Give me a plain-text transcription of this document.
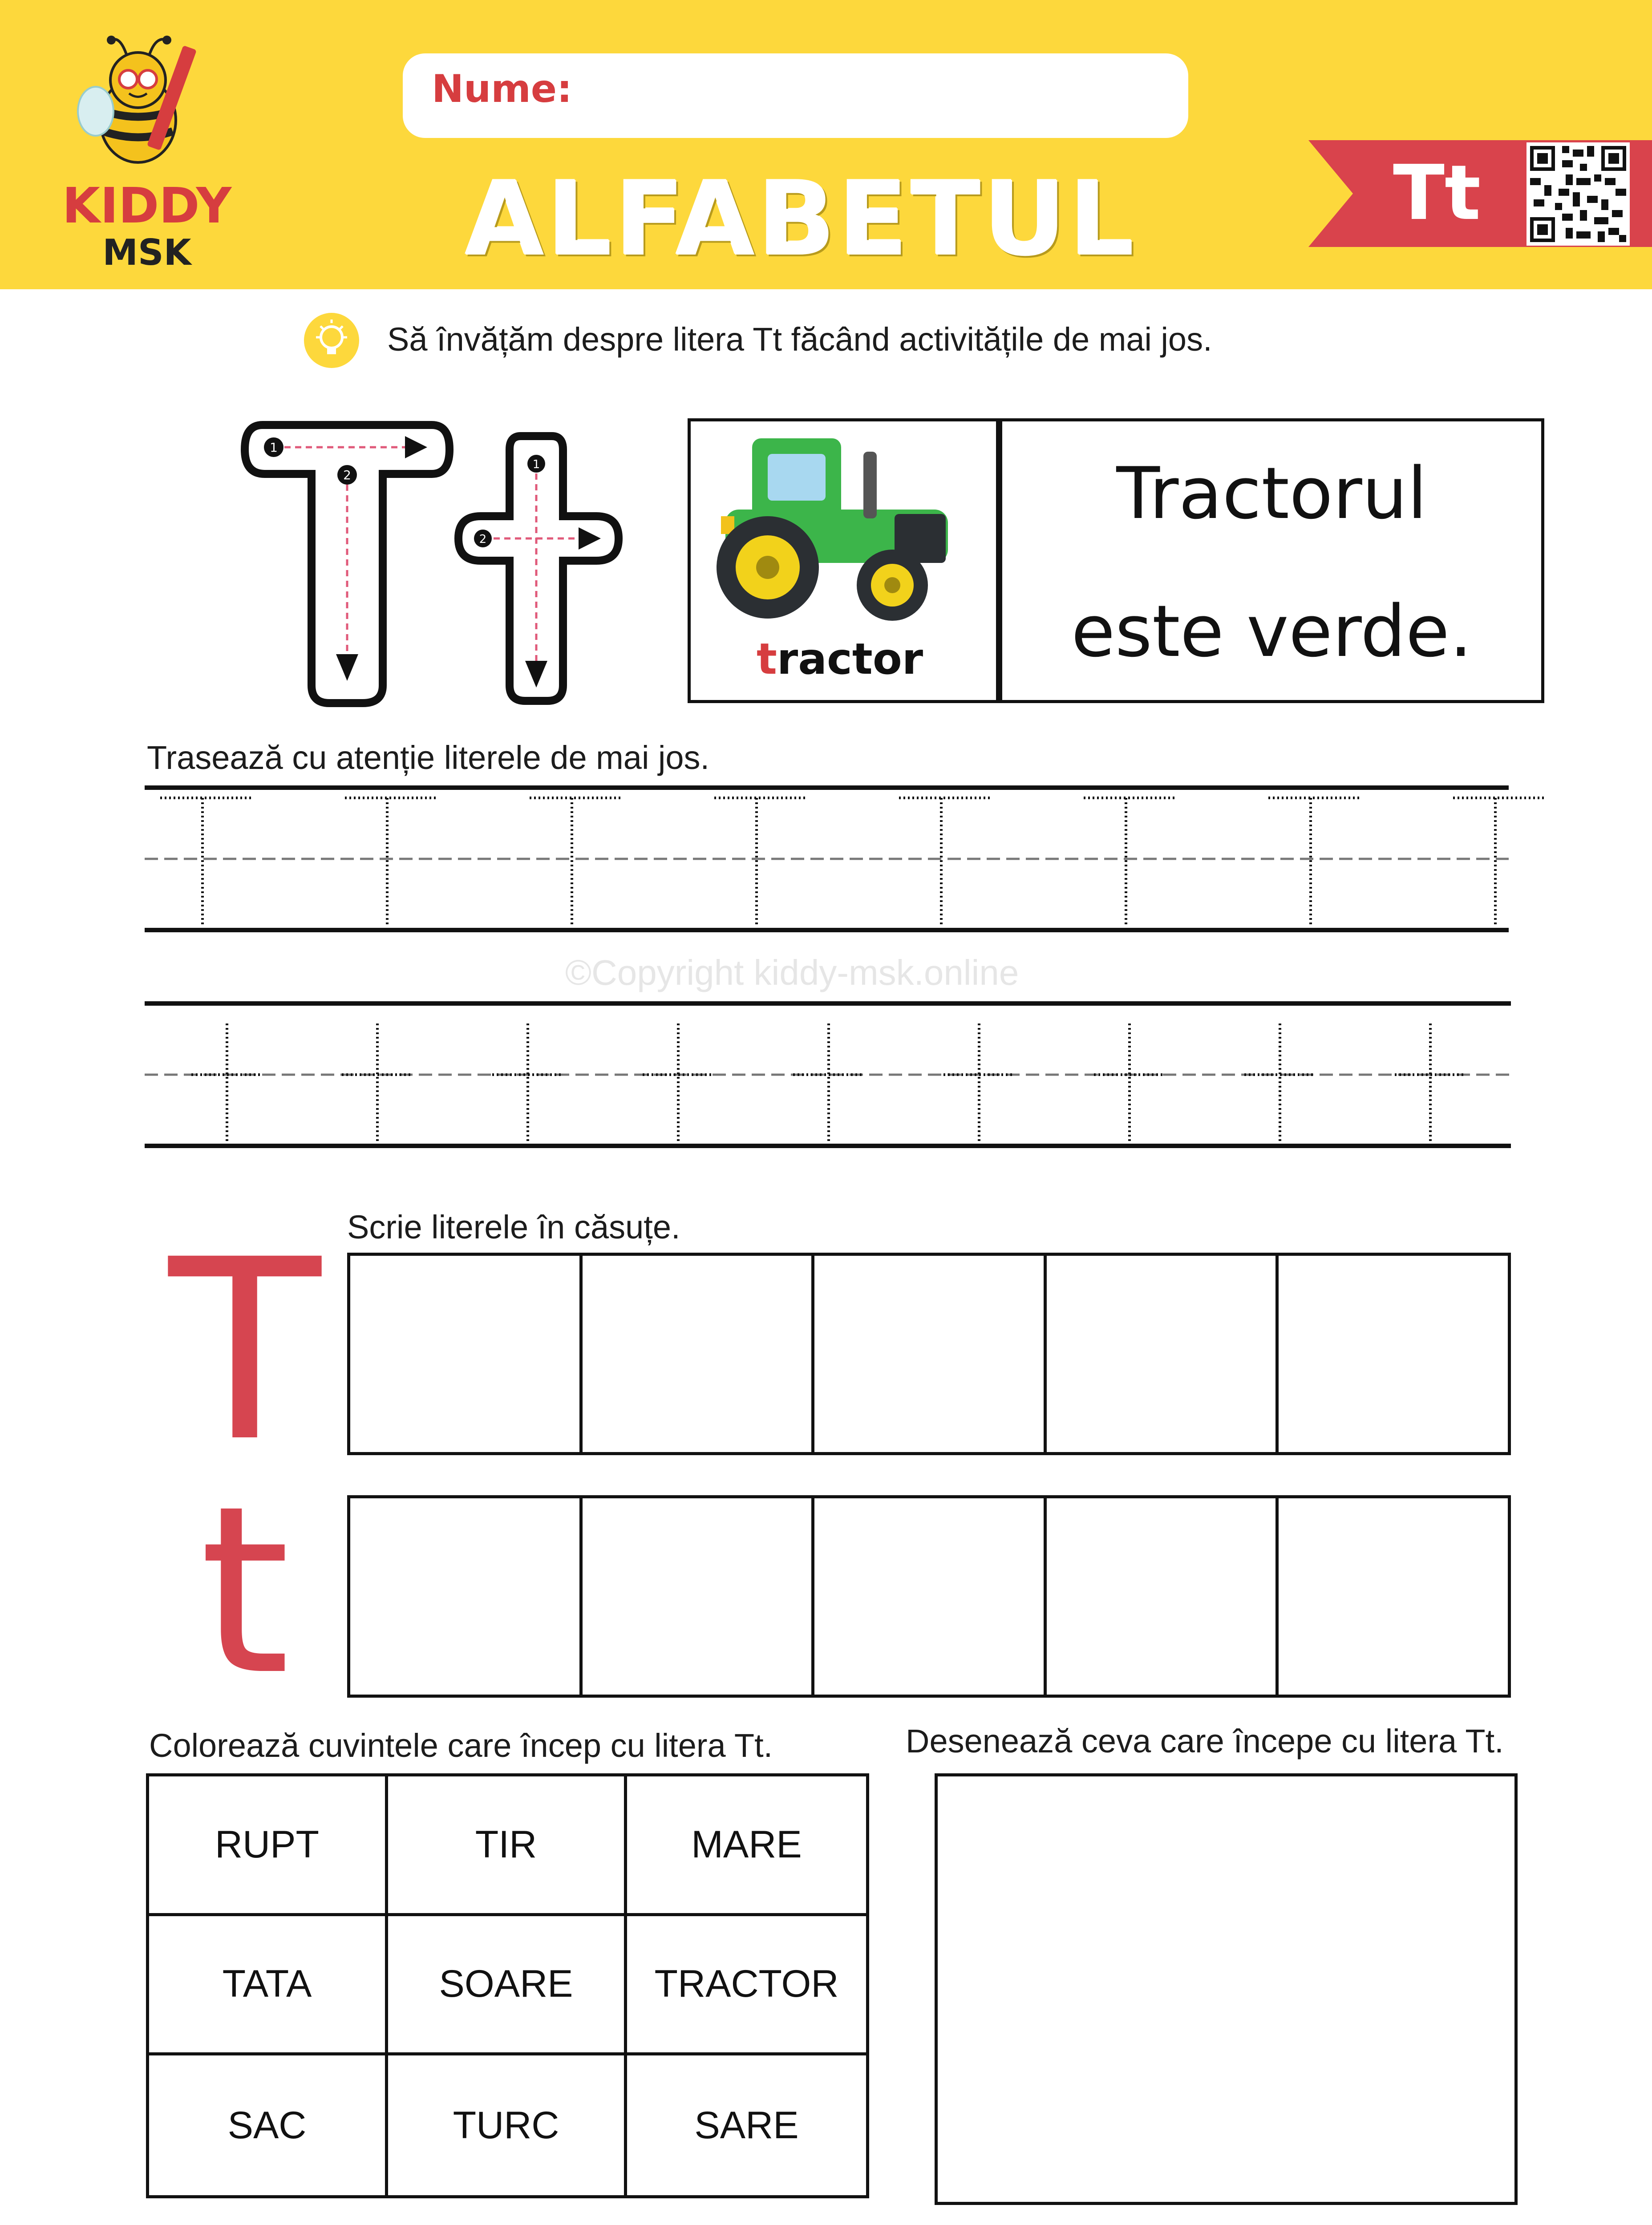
KIDDY
MSK
Nume:
ALFABETUL	Tt
Să învățăm despre litera Tt făcând activitățile de mai jos.
1
2
1
2
tractor
Tractorul
este verde.
Trasează cu atenție literele de mai jos.
©Copyright kiddy-msk.online
Scrie literele în căsuțe.
T
t
Colorează cuvintele care încep cu litera Tt.
RUPT	TIR	MARE
TATA	SOARE	TRACTOR
SAC	TURC	SARE
Desenează ceva care începe cu litera Tt.
